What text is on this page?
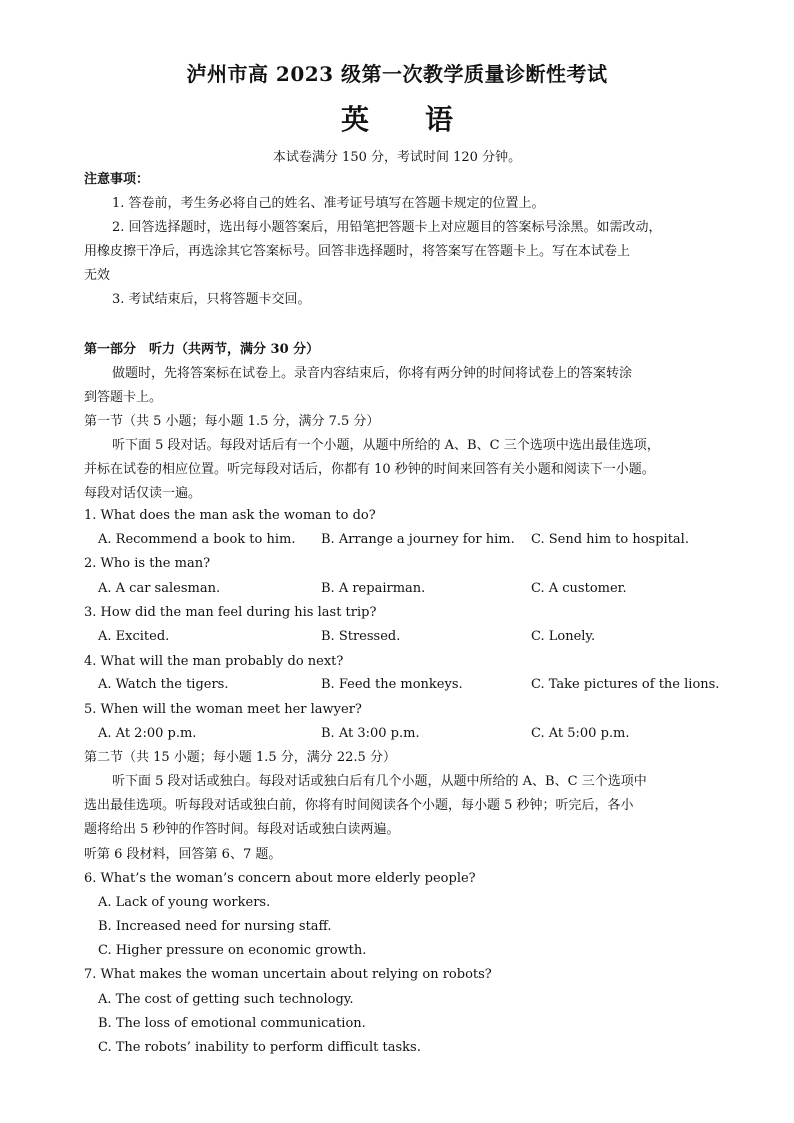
泸州市高 2023 级第一次教学质量诊断性考试
英　　语
本试卷满分 150 分，考试时间 120 分钟。
注意事项：
1. 答卷前，考生务必将自己的姓名、准考证号填写在答题卡规定的位置上。
2. 回答选择题时，选出每小题答案后，用铅笔把答题卡上对应题目的答案标号涂黑。如需改动，
用橡皮擦干净后，再选涂其它答案标号。回答非选择题时，将答案写在答题卡上。写在本试卷上
无效
3. 考试结束后，只将答题卡交回。
第一部分　听力（共两节，满分 30 分）
做题时，先将答案标在试卷上。录音内容结束后，你将有两分钟的时间将试卷上的答案转涂
到答题卡上。
第一节（共 5 小题；每小题 1.5 分，满分 7.5 分）
听下面 5 段对话。每段对话后有一个小题，从题中所给的 A、B、C 三个选项中选出最佳选项，
并标在试卷的相应位置。听完每段对话后，你都有 10 秒钟的时间来回答有关小题和阅读下一小题。
每段对话仅读一遍。
1. What does the man ask the woman to do?
A. Recommend a book to him. B. Arrange a journey for him. C. Send him to hospital.
2. Who is the man?
A. A car salesman.	B. A repairman.	C. A customer.
3. How did the man feel during his last trip?
A. Excited.	B. Stressed.	C. Lonely.
4. What will the man probably do next?
A. Watch the tigers.	B. Feed the monkeys.	C. Take pictures of the lions.
5. When will the woman meet her lawyer?
A. At 2:00 p.m.	B. At 3:00 p.m.	C. At 5:00 p.m.
第二节（共 15 小题；每小题 1.5 分，满分 22.5 分）
听下面 5 段对话或独白。每段对话或独白后有几个小题，从题中所给的 A、B、C 三个选项中
选出最佳选项。听每段对话或独白前，你将有时间阅读各个小题，每小题 5 秒钟；听完后，各小
题将给出 5 秒钟的作答时间。每段对话或独白读两遍。
听第 6 段材料，回答第 6、7 题。
6. What’s the woman’s concern about more elderly people?
A. Lack of young workers.
B. Increased need for nursing staff.
C. Higher pressure on economic growth.
7. What makes the woman uncertain about relying on robots?
A. The cost of getting such technology.
B. The loss of emotional communication.
C. The robots’ inability to perform difficult tasks.
